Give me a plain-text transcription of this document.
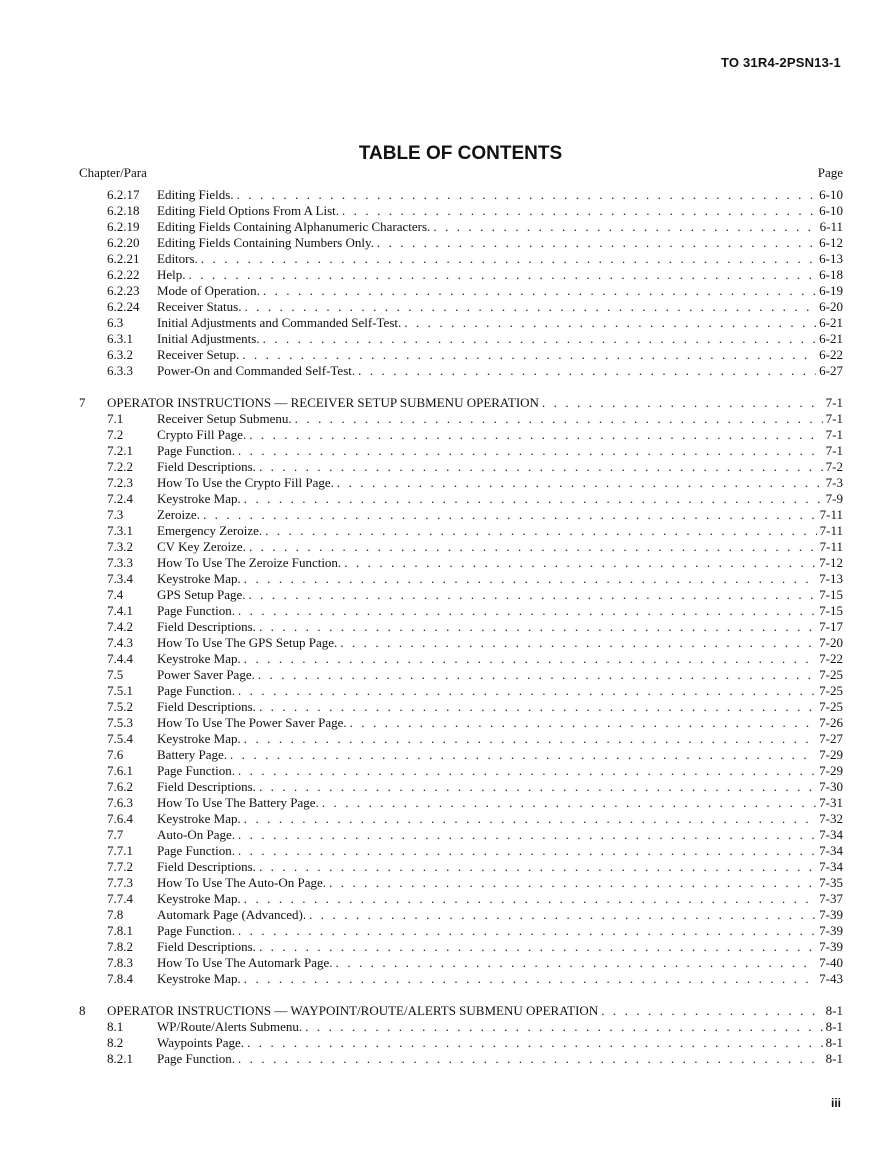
TO 31R4-2PSN13-1
TABLE OF CONTENTS
Chapter/Para	Page
6.2.17 Editing Fields. . . .	6-10
6.2.18 Editing Field Options From A List. . . .	6-10
6.2.19 Editing Fields Containing Alphanumeric Characters. . . .	6-11
6.2.20 Editing Fields Containing Numbers Only. . . .	6-12
6.2.21 Editors. . . .	6-13
6.2.22 Help. . . .	6-18
6.2.23 Mode of Operation. . . .	6-19
6.2.24 Receiver Status. . . .	6-20
6.3	Initial Adjustments and Commanded Self-Test. . . .	6-21
6.3.1 Initial Adjustments. . . .	6-21
6.3.2 Receiver Setup. . . .	6-22
6.3.3 Power-On and Commanded Self-Test. . . .	6-27
7 OPERATOR INSTRUCTIONS — RECEIVER SETUP SUBMENU OPERATION . . .	7-1
7.1	Receiver Setup Submenu. . . .	7-1
7.2	Crypto Fill Page. . . .	7-1
7.2.1 Page Function. . . .	7-1
7.2.2 Field Descriptions. . . .	7-2
7.2.3 How To Use the Crypto Fill Page. . . .	7-3
7.2.4 Keystroke Map. . . .	7-9
7.3	Zeroize. . . .	7-11
7.3.1 Emergency Zeroize. . . .	7-11
7.3.2 CV Key Zeroize. . . .	7-11
7.3.3 How To Use The Zeroize Function. . . .	7-12
7.3.4 Keystroke Map. . . .	7-13
7.4	GPS Setup Page. . . .	7-15
7.4.1 Page Function. . . .	7-15
7.4.2 Field Descriptions. . . .	7-17
7.4.3 How To Use The GPS Setup Page. . . .	7-20
7.4.4 Keystroke Map. . . .	7-22
7.5	Power Saver Page. . . .	7-25
7.5.1 Page Function. . . .	7-25
7.5.2 Field Descriptions. . . .	7-25
7.5.3 How To Use The Power Saver Page. . . .	7-26
7.5.4 Keystroke Map. . . .	7-27
7.6	Battery Page. . . .	7-29
7.6.1 Page Function. . . .	7-29
7.6.2 Field Descriptions. . . .	7-30
7.6.3 How To Use The Battery Page. . . .	7-31
7.6.4 Keystroke Map. . . .	7-32
7.7	Auto-On Page. . . .	7-34
7.7.1 Page Function. . . .	7-34
7.7.2 Field Descriptions. . . .	7-34
7.7.3 How To Use The Auto-On Page. . . .	7-35
7.7.4 Keystroke Map. . . .	7-37
7.8	Automark Page (Advanced). . . .	7-39
7.8.1 Page Function. . . .	7-39
7.8.2 Field Descriptions. . . .	7-39
7.8.3 How To Use The Automark Page. . . .	7-40
7.8.4 Keystroke Map. . . .	7-43
8 OPERATOR INSTRUCTIONS — WAYPOINT/ROUTE/ALERTS SUBMENU OPERATION . . .	8-1
8.1	WP/Route/Alerts Submenu. . . .	8-1
8.2	Waypoints Page. . . .	8-1
8.2.1 Page Function. . . .	8-1
iii
